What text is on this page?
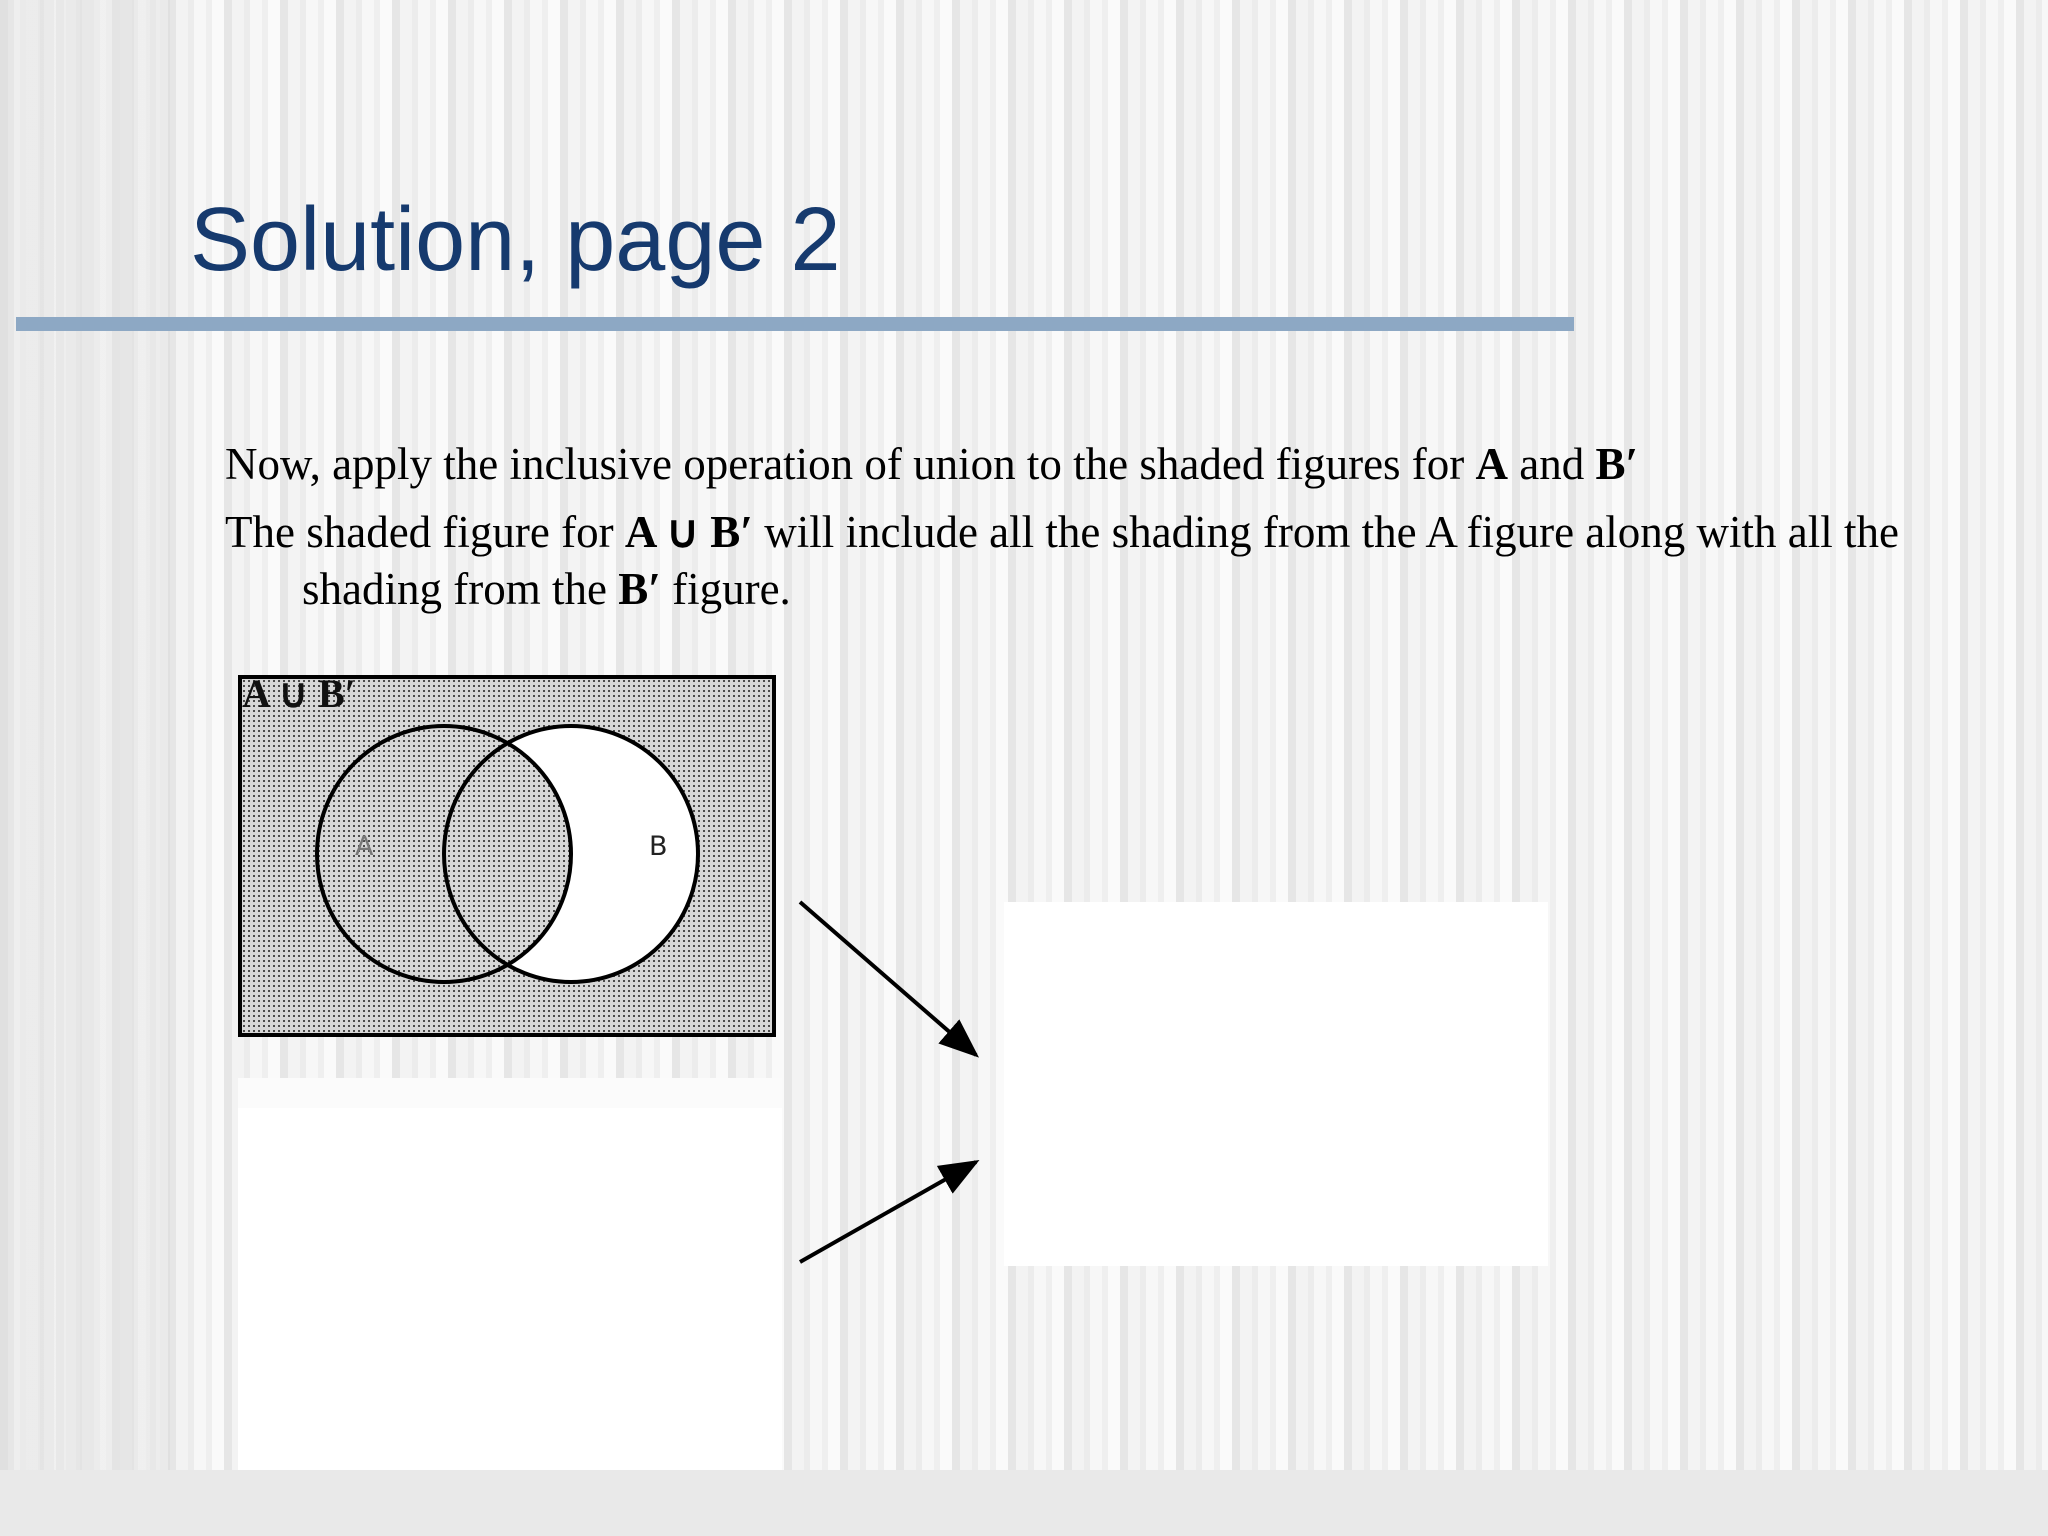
Solution, page 2

Now, apply the inclusive operation of union to the shaded figures for A and B′

The shaded figure for A ∪ B′ will include all the shading from the A figure along with all the shading from the B′ figure.

A	B
A ∪ B′
